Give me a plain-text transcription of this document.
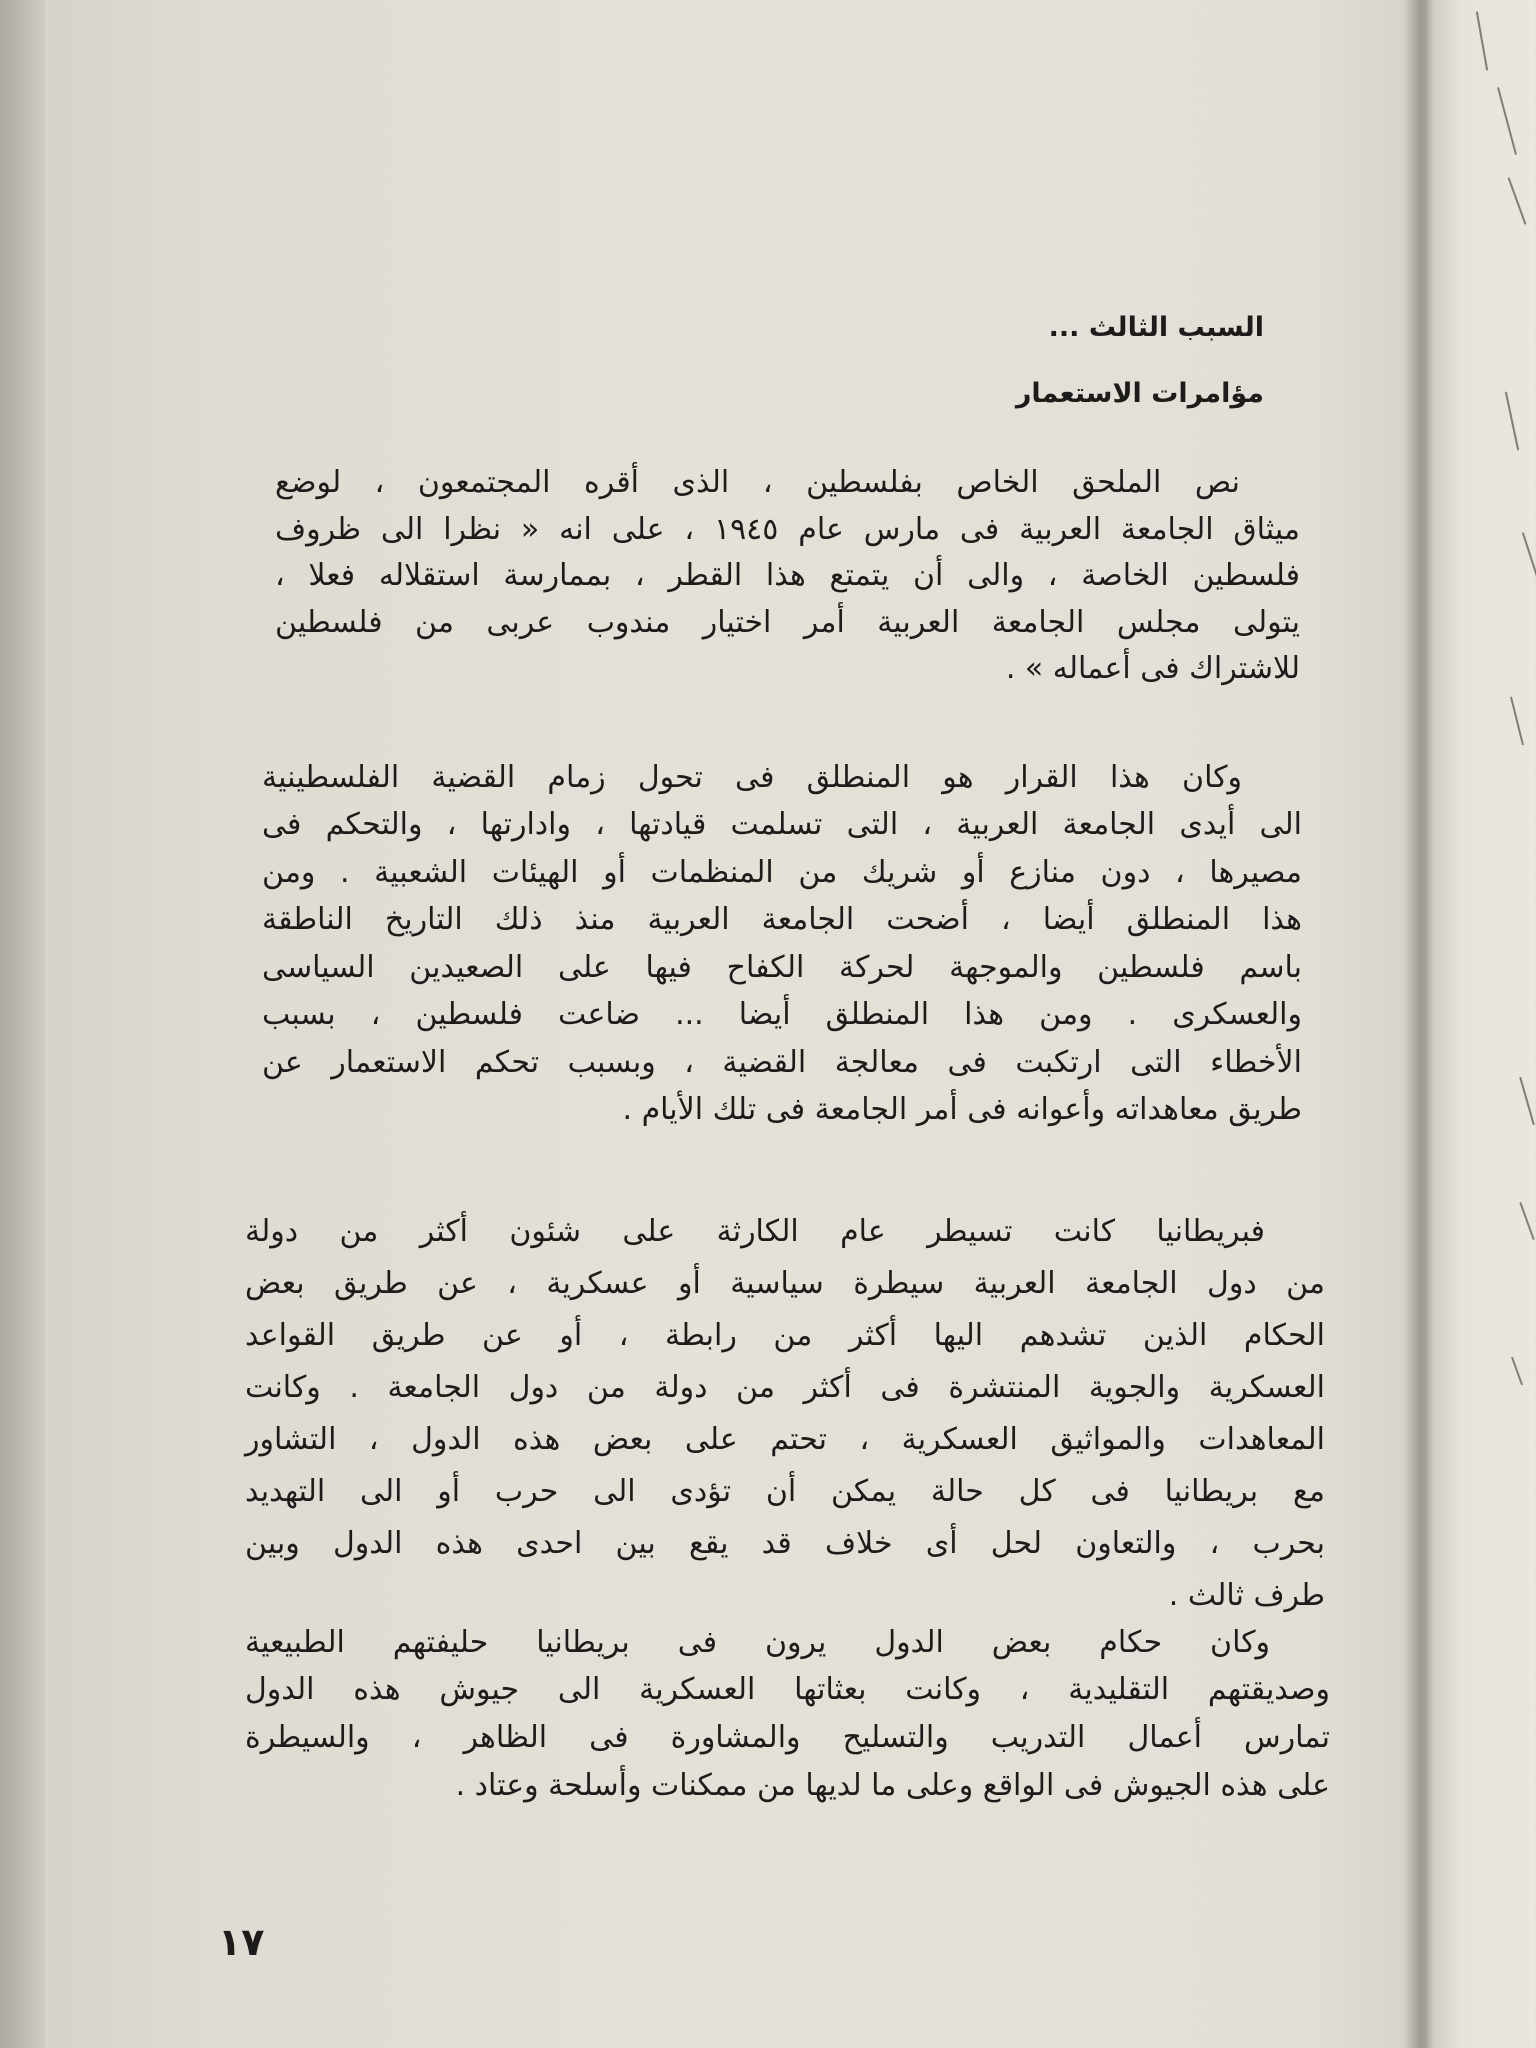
السبب الثالث ...
مؤامرات الاستعمار
نص الملحق الخاص بفلسطين ، الذى أقره المجتمعون ، لوضع
ميثاق الجامعة العربية فى مارس عام ١٩٤٥ ، على انه « نظرا الى ظروف
فلسطين الخاصة ، والى أن يتمتع هذا القطر ، بممارسة استقلاله فعلا ،
يتولى مجلس الجامعة العربية أمر اختيار مندوب عربى من فلسطين
للاشتراك فى أعماله » .
وكان هذا القرار هو المنطلق فى تحول زمام القضية الفلسطينية
الى أيدى الجامعة العربية ، التى تسلمت قيادتها ، وادارتها ، والتحكم فى
مصيرها ، دون منازع أو شريك من المنظمات أو الهيئات الشعبية . ومن
هذا المنطلق أيضا ، أضحت الجامعة العربية منذ ذلك التاريخ الناطقة
باسم فلسطين والموجهة لحركة الكفاح فيها على الصعيدين السياسى
والعسكرى . ومن هذا المنطلق أيضا ... ضاعت فلسطين ، بسبب
الأخطاء التى ارتكبت فى معالجة القضية ، وبسبب تحكم الاستعمار عن
طريق معاهداته وأعوانه فى أمر الجامعة فى تلك الأيام .
فبريطانيا كانت تسيطر عام الكارثة على شئون أكثر من دولة
من دول الجامعة العربية سيطرة سياسية أو عسكرية ، عن طريق بعض
الحكام الذين تشدهم اليها أكثر من رابطة ، أو عن طريق القواعد
العسكرية والجوية المنتشرة فى أكثر من دولة من دول الجامعة . وكانت
المعاهدات والمواثيق العسكرية ، تحتم على بعض هذه الدول ، التشاور
مع بريطانيا فى كل حالة يمكن أن تؤدى الى حرب أو الى التهديد
بحرب ، والتعاون لحل أى خلاف قد يقع بين احدى هذه الدول وبين
طرف ثالث .
وكان حكام بعض الدول يرون فى بريطانيا حليفتهم الطبيعية
وصديقتهم التقليدية ، وكانت بعثاتها العسكرية الى جيوش هذه الدول
تمارس أعمال التدريب والتسليح والمشاورة فى الظاهر ، والسيطرة
على هذه الجيوش فى الواقع وعلى ما لديها من ممكنات وأسلحة وعتاد .
١٧
